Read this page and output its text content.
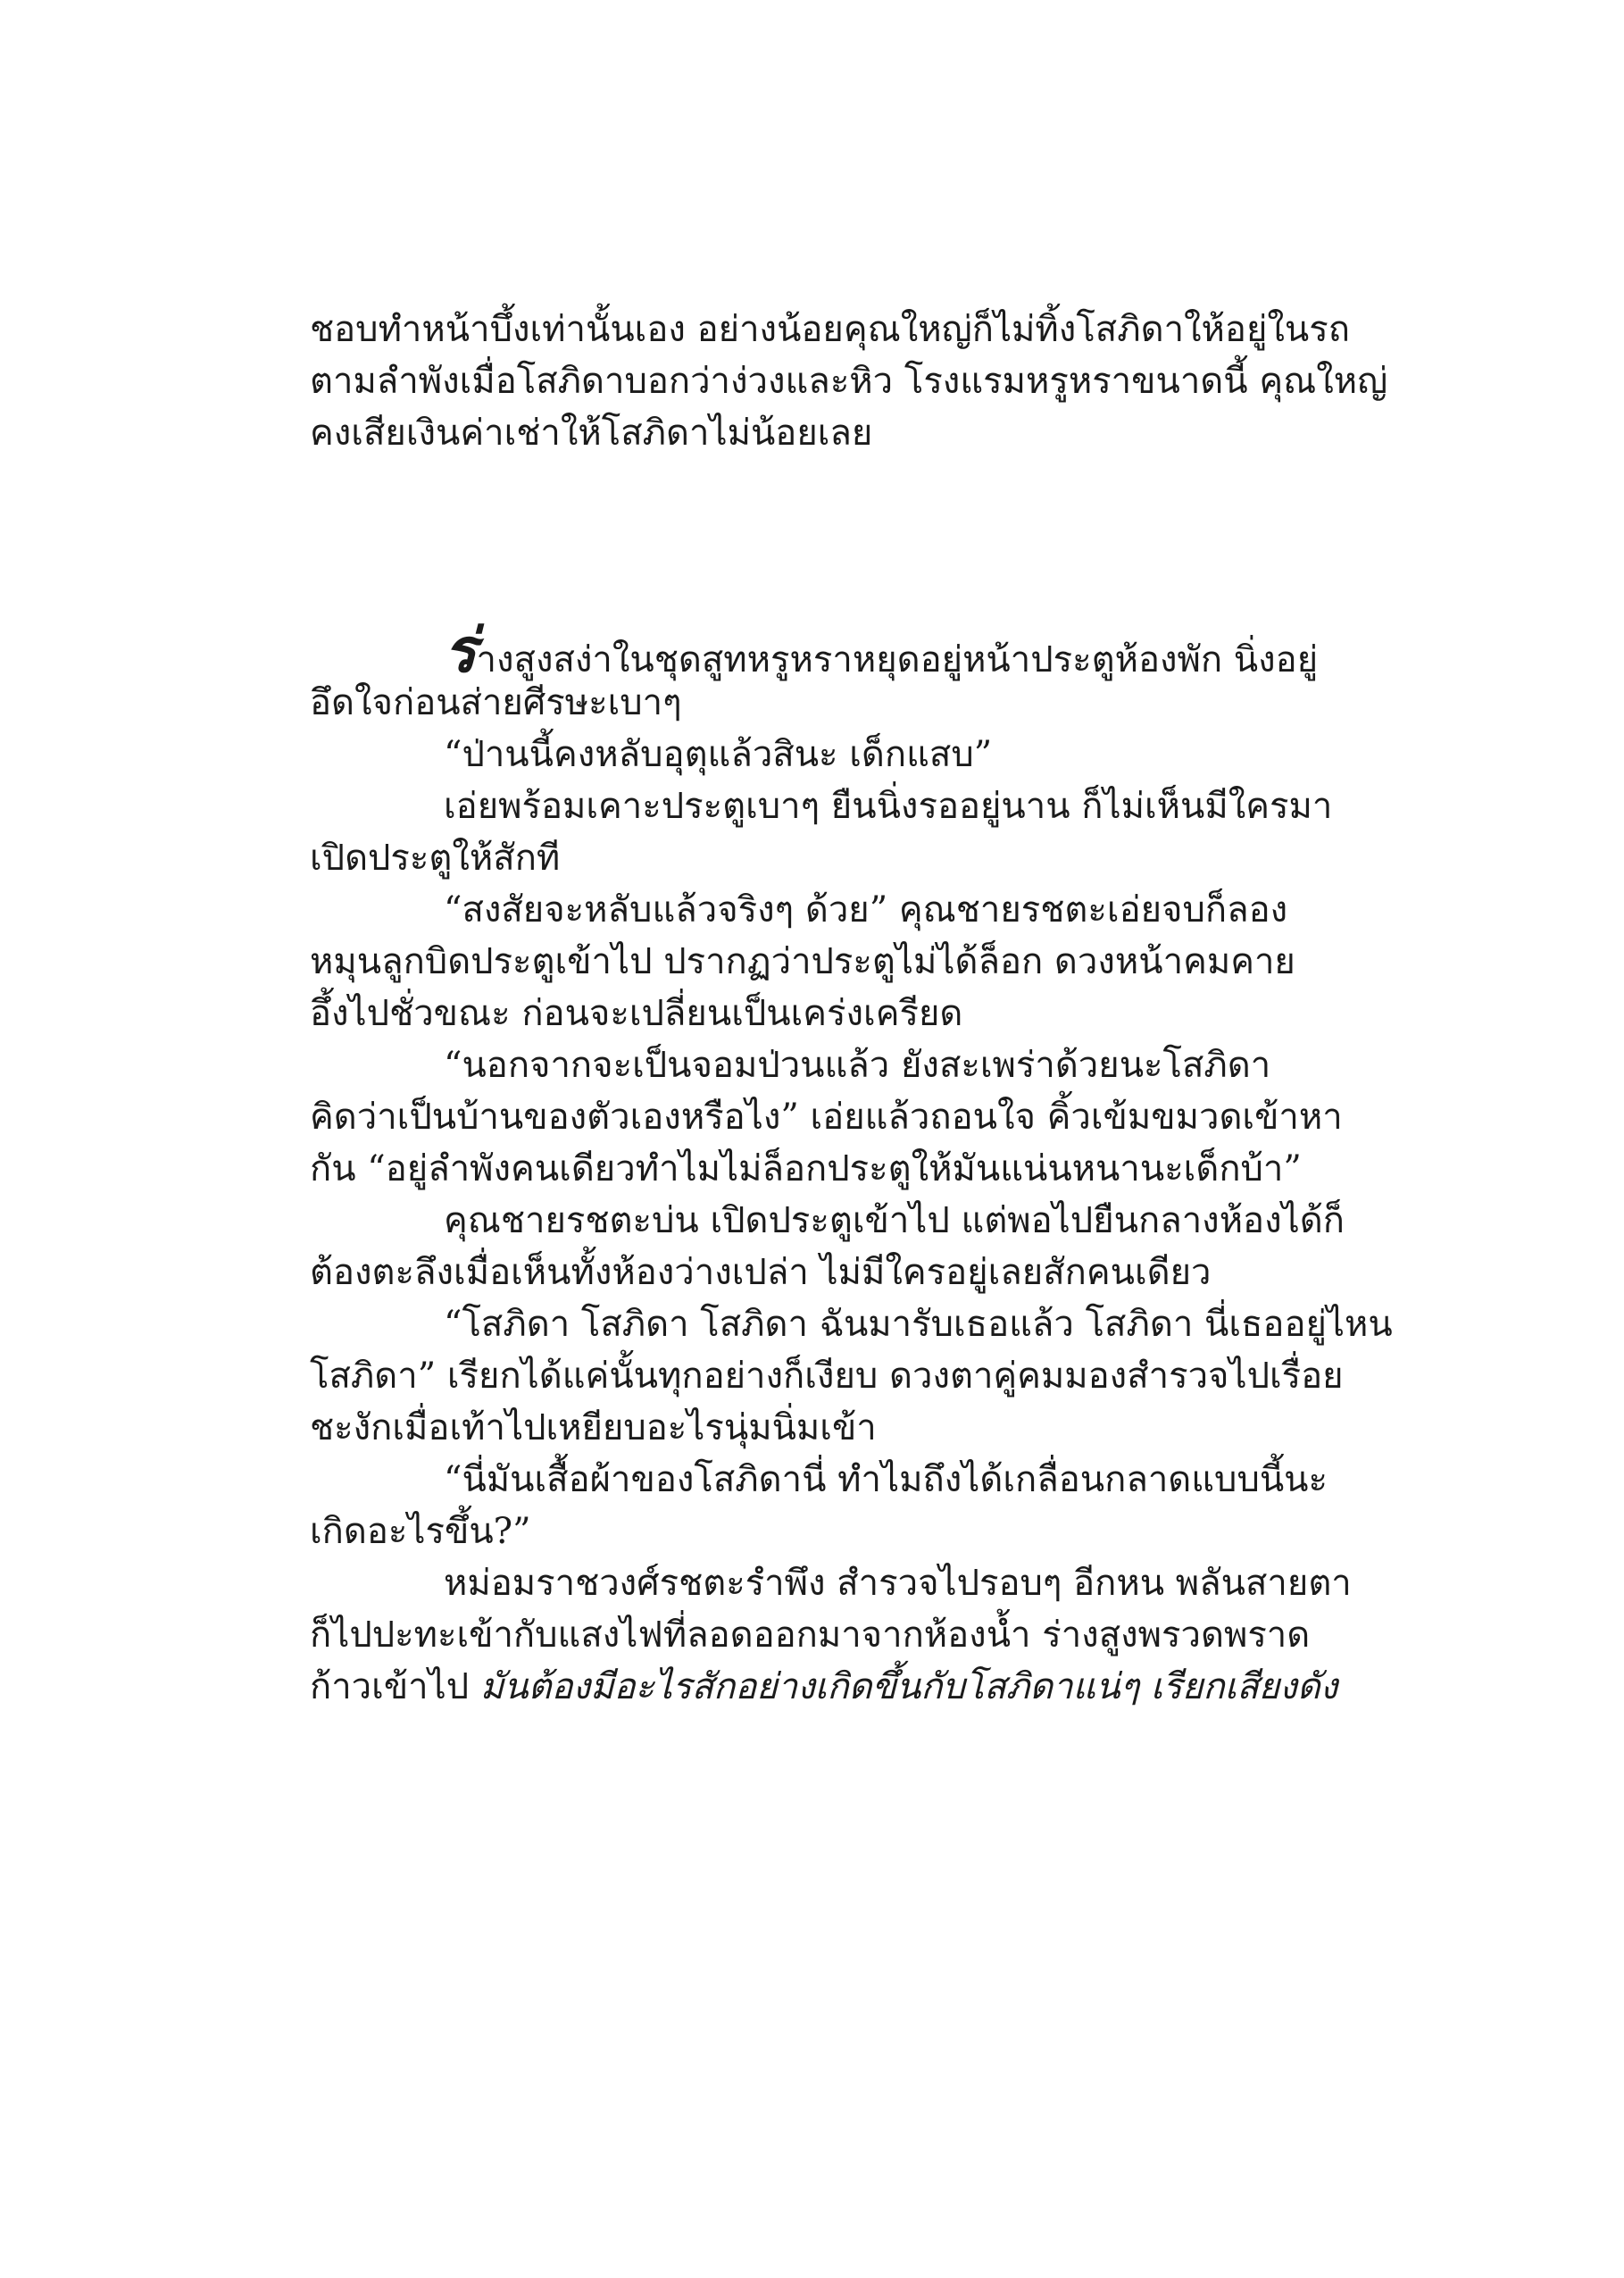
ชอบทำหน้าบึ้งเท่านั้นเอง อย่างน้อยคุณใหญ่ก็ไม่ทิ้งโสภิดาให้อยู่ในรถ
ตามลำพังเมื่อโสภิดาบอกว่าง่วงและหิว โรงแรมหรูหราขนาดนี้ คุณใหญ่
คงเสียเงินค่าเช่าให้โสภิดาไม่น้อยเลย
ร่างสูงสง่าในชุดสูทหรูหราหยุดอยู่หน้าประตูห้องพัก นิ่งอยู่
อึดใจก่อนส่ายศีรษะเบาๆ
“ป่านนี้คงหลับอุตุแล้วสินะ เด็กแสบ”
เอ่ยพร้อมเคาะประตูเบาๆ ยืนนิ่งรออยู่นาน ก็ไม่เห็นมีใครมา
เปิดประตูให้สักที
“สงสัยจะหลับแล้วจริงๆ ด้วย” คุณชายรชตะเอ่ยจบก็ลอง
หมุนลูกบิดประตูเข้าไป ปรากฏว่าประตูไม่ได้ล็อก ดวงหน้าคมคาย
อึ้งไปชั่วขณะ ก่อนจะเปลี่ยนเป็นเคร่งเครียด
“นอกจากจะเป็นจอมป่วนแล้ว ยังสะเพร่าด้วยนะโสภิดา
คิดว่าเป็นบ้านของตัวเองหรือไง” เอ่ยแล้วถอนใจ คิ้วเข้มขมวดเข้าหา
กัน “อยู่ลำพังคนเดียวทำไมไม่ล็อกประตูให้มันแน่นหนานะเด็กบ้า”
คุณชายรชตะบ่น เปิดประตูเข้าไป แต่พอไปยืนกลางห้องได้ก็
ต้องตะลึงเมื่อเห็นทั้งห้องว่างเปล่า ไม่มีใครอยู่เลยสักคนเดียว
“โสภิดา โสภิดา โสภิดา ฉันมารับเธอแล้ว โสภิดา นี่เธออยู่ไหน
โสภิดา” เรียกได้แค่นั้นทุกอย่างก็เงียบ ดวงตาคู่คมมองสำรวจไปเรื่อย
ชะงักเมื่อเท้าไปเหยียบอะไรนุ่มนิ่มเข้า
“นี่มันเสื้อผ้าของโสภิดานี่ ทำไมถึงได้เกลื่อนกลาดแบบนี้นะ
เกิดอะไรขึ้น?”
หม่อมราชวงศ์รชตะรำพึง สำรวจไปรอบๆ อีกหน พลันสายตา
ก็ไปปะทะเข้ากับแสงไฟที่ลอดออกมาจากห้องน้ำ ร่างสูงพรวดพราด
ก้าวเข้าไป มันต้องมีอะไรสักอย่างเกิดขึ้นกับโสภิดาแน่ๆ เรียกเสียงดัง
